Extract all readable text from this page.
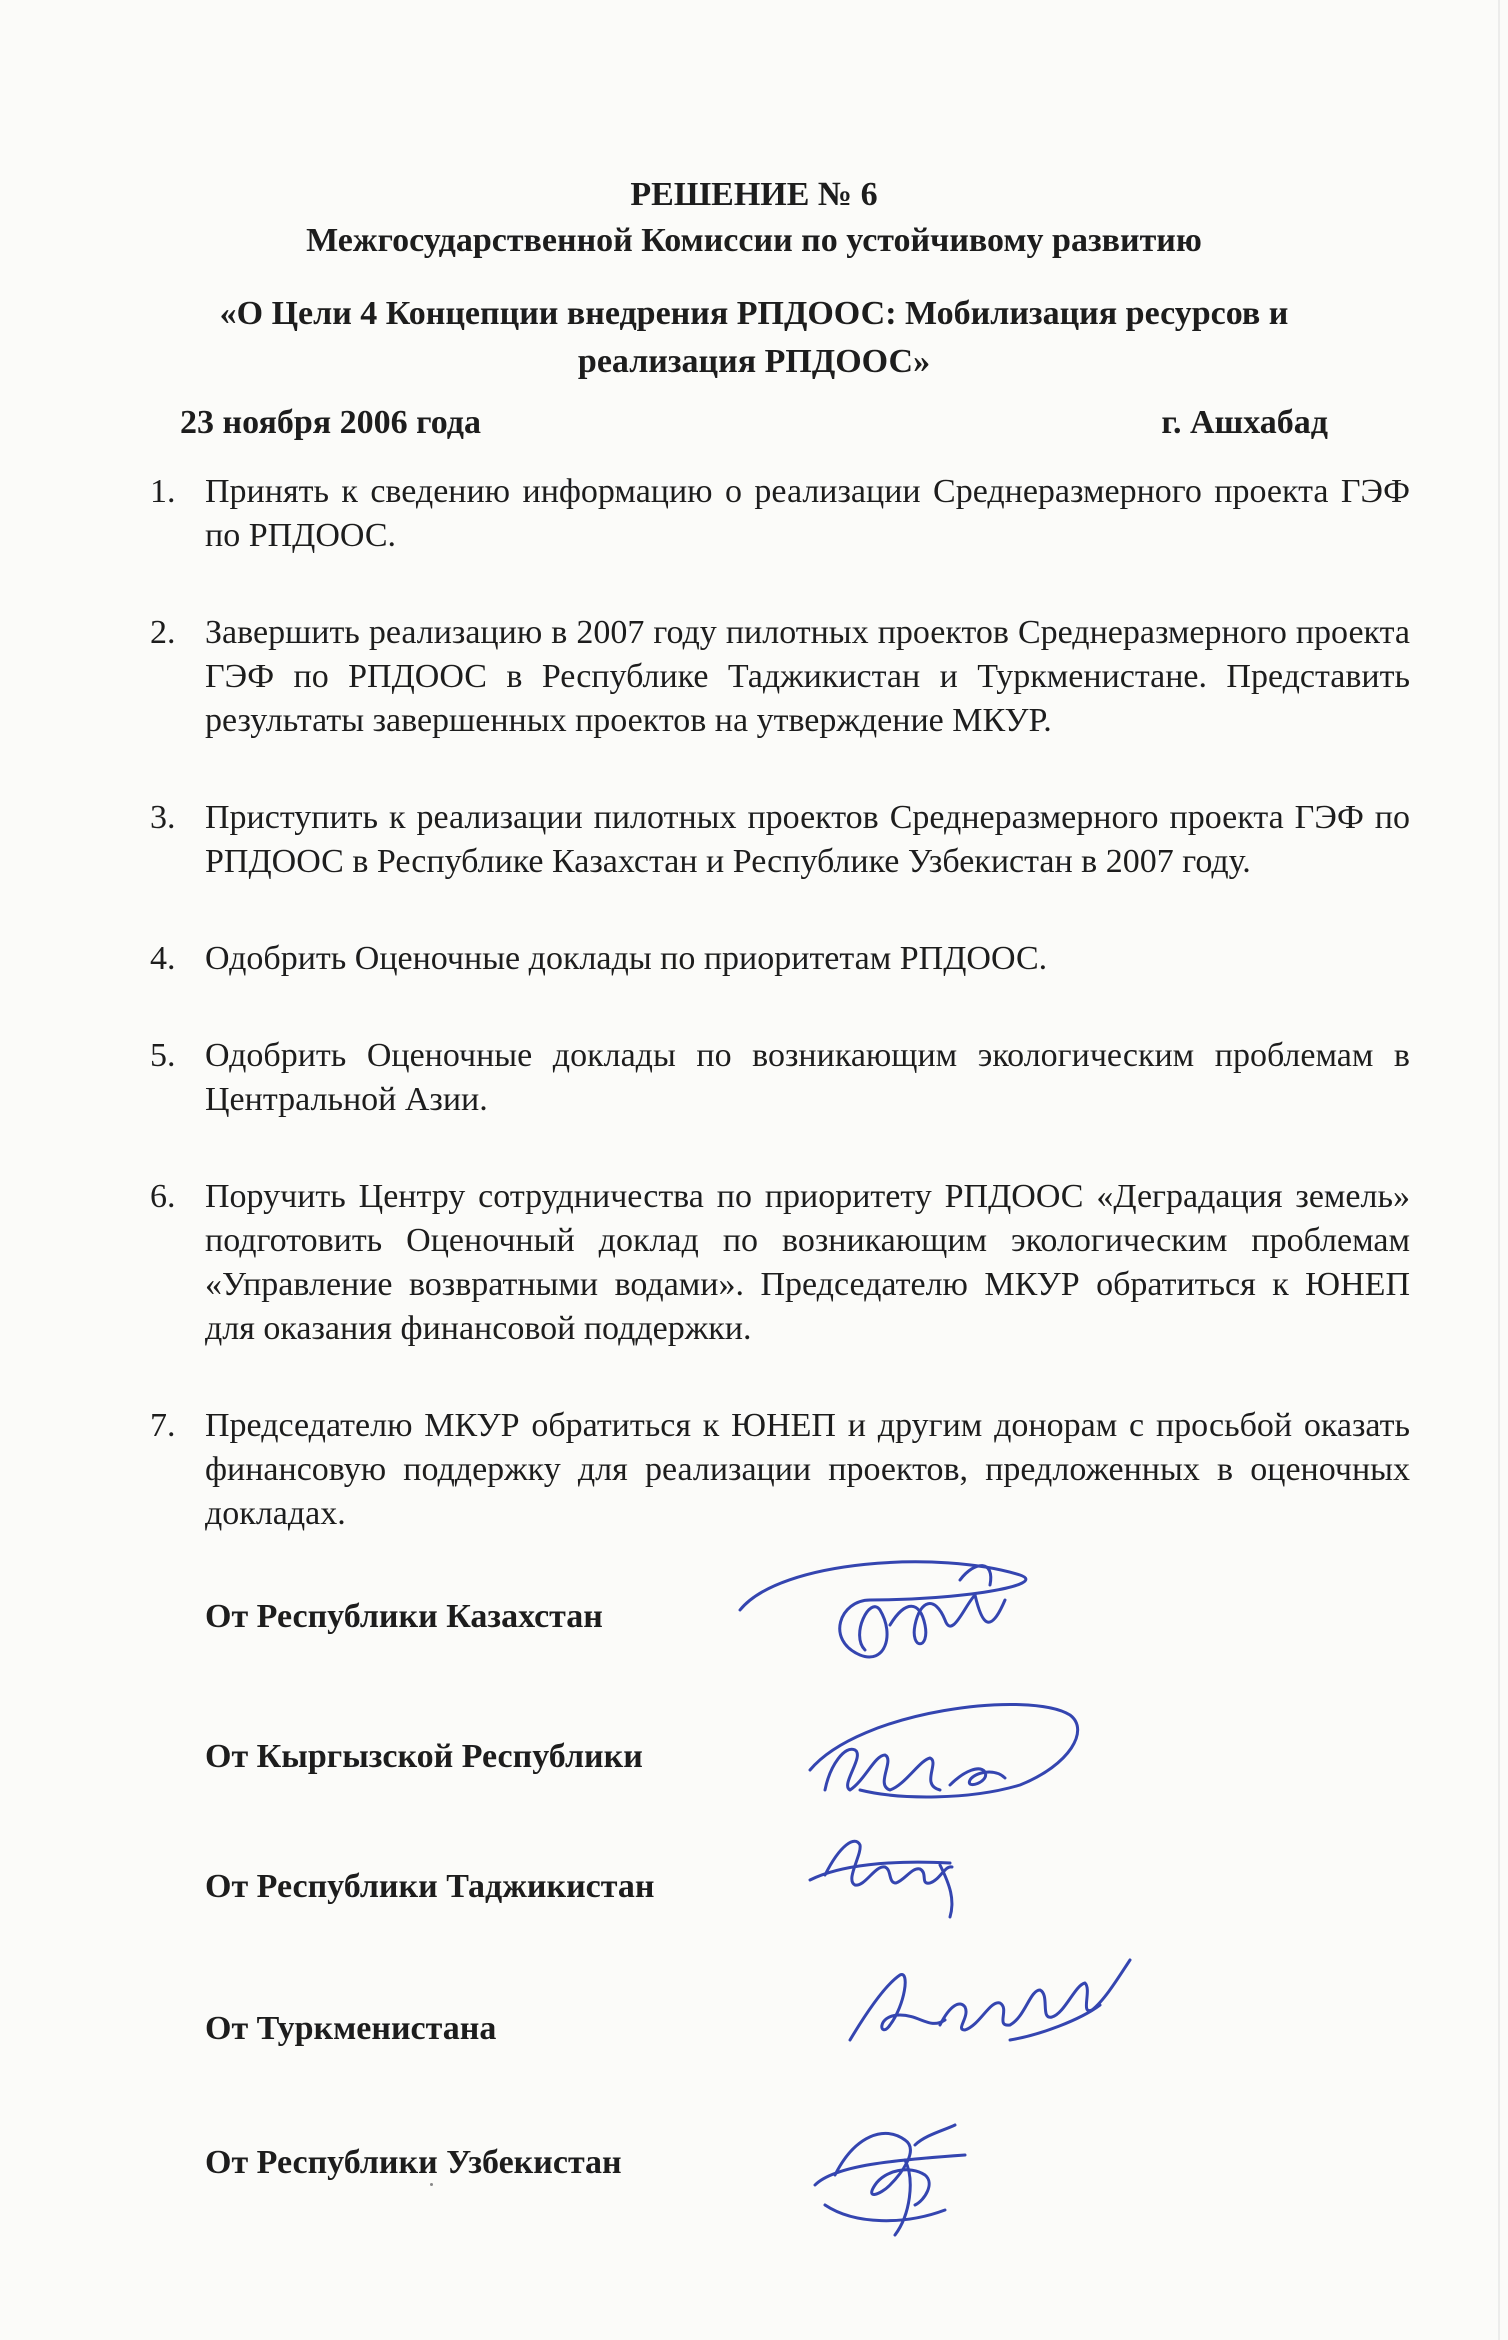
РЕШЕНИЕ № 6
Межгосударственной Комиссии по устойчивому развитию
«О Цели 4 Концепции внедрения РПДООС: Мобилизация ресурсов и реализация РПДООС»
23 ноября 2006 года	г. Ашхабад
1. Принять к сведению информацию о реализации Среднеразмерного проекта ГЭФ по РПДООС.
2. Завершить реализацию в 2007 году пилотных проектов Среднеразмерного проекта ГЭФ по РПДООС в Республике Таджикистан и Туркменистане. Представить результаты завершенных проектов на утверждение МКУР.
3. Приступить к реализации пилотных проектов Среднеразмерного проекта ГЭФ по РПДООС в Республике Казахстан и Республике Узбекистан в 2007 году.
4. Одобрить Оценочные доклады по приоритетам РПДООС.
5. Одобрить Оценочные доклады по возникающим экологическим проблемам в Центральной Азии.
6. Поручить Центру сотрудничества по приоритету РПДООС «Деградация земель» подготовить Оценочный доклад по возникающим экологическим проблемам «Управление возвратными водами». Председателю МКУР обратиться к ЮНЕП для оказания финансовой поддержки.
7. Председателю МКУР обратиться к ЮНЕП и другим донорам с просьбой оказать финансовую поддержку для реализации проектов, предложенных в оценочных докладах.
От Республики Казахстан
От Кыргызской Республики
От Республики Таджикистан
От Туркменистана
От Республики Узбекистан
